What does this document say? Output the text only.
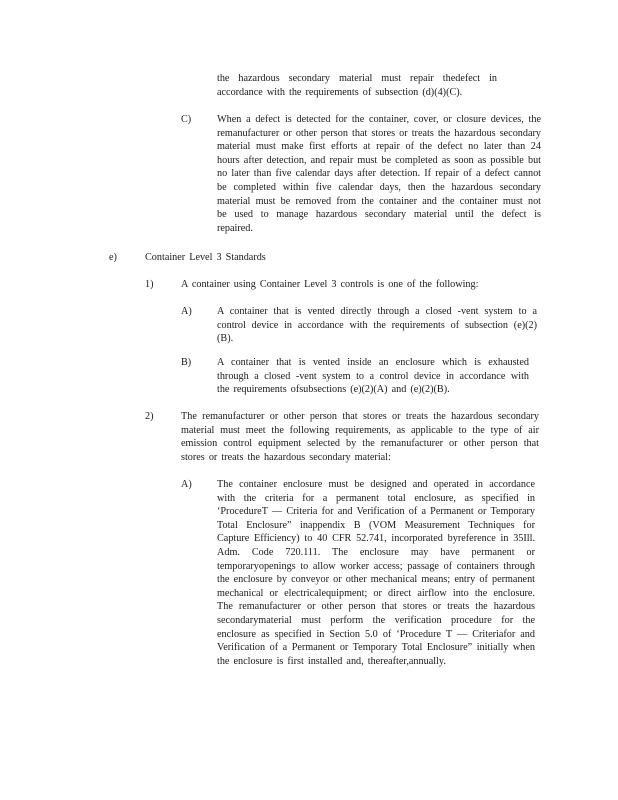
the hazardous secondary material must repair thedefect in accordance with the requirements of subsection (d)(4)(C).
C)	When a defect is detected for the container, cover, or closure devices, the remanufacturer or other person that stores or treats the hazardous secondary material must make first efforts at repair of the defect no later than 24 hours after detection, and repair must be completed as soon as possible but no later than five calendar days after detection. If repair of a defect cannot be completed within five calendar days, then the hazardous secondary material must be removed from the container and the container must not be used to manage hazardous secondary material until the defect is repaired.
e)	Container Level 3 Standards
1)	A container using Container Level 3 controls is one of the following:
A) A container that is vented directly through a closed -vent system to a control device in accordance with the requirements of subsection (e)(2)(B).
B)	A container that is vented inside an enclosure which is exhausted through a closed -vent system to a control device in accordance with the requirements ofsubsections (e)(2)(A) and (e)(2)(B).
2)	The remanufacturer or other person that stores or treats the hazardous secondary material must meet the following requirements, as applicable to the type of air emission control equipment selected by the remanufacturer or other person that stores or treats the hazardous secondary material:
A) The container enclosure must be designed and operated in accordance with the criteria for a permanent total enclosure, as specified in ‘ProcedureT — Criteria for and Verification of a Permanent or Temporary Total Enclosure” inappendix B (VOM Measurement Techniques for Capture Efficiency) to 40 CFR 52.741, incorporated byreference in 35Ill. Adm. Code 720.111. The enclosure may have permanent or temporaryopenings to allow worker access; passage of containers through the enclosure by conveyor or other mechanical means; entry of permanent mechanical or electricalequipment; or direct airflow into the enclosure. The remanufacturer or other person that stores or treats the hazardous secondarymaterial must perform the verification procedure for the enclosure as specified in Section 5.0 of ‘Procedure T — Criteriafor and Verification of a Permanent or Temporary Total Enclosure” initially when the enclosure is first installed and, thereafter,annually.
